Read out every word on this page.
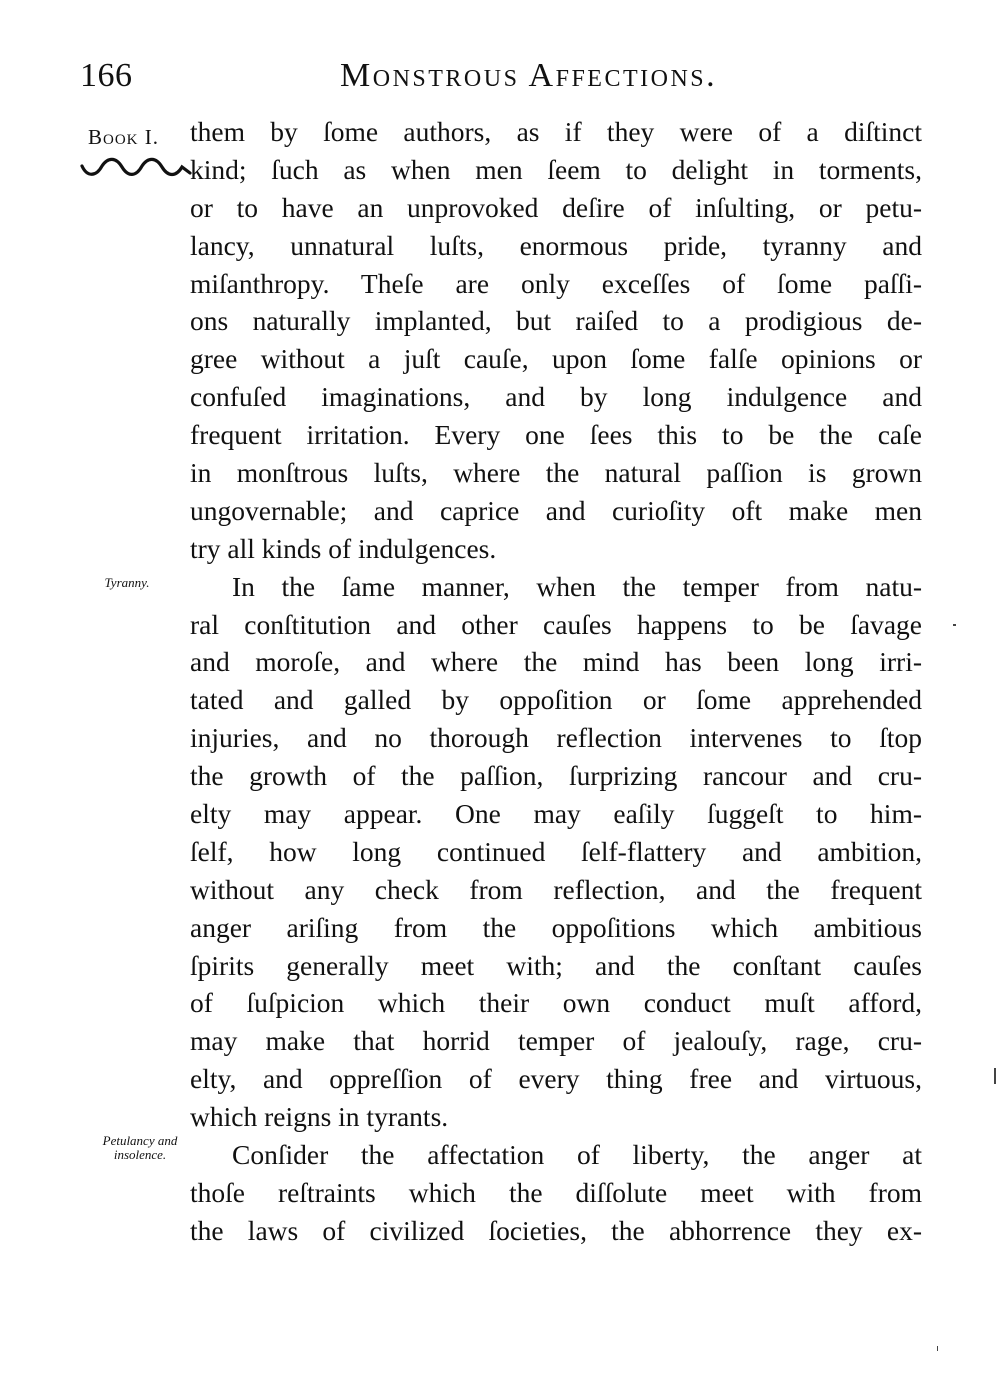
166	Monstrous Affections.
Book I.
Tyranny.
Petulancy and
insolence.
them by ſome authors, as if they were of a diſtinct
kind; ſuch as when men ſeem to delight in torments,
or to have an unprovoked deſire of inſulting, or petu-
lancy, unnatural luſts, enormous pride, tyranny and
miſanthropy. Theſe are only exceſſes of ſome paſſi-
ons naturally implanted, but raiſed to a prodigious de-
gree without a juſt cauſe, upon ſome falſe opinions or
confuſed imaginations, and by long indulgence and
frequent irritation. Every one ſees this to be the caſe
in monſtrous luſts, where the natural paſſion is grown
ungovernable; and caprice and curioſity oft make men
try all kinds of indulgences.
In the ſame manner, when the temper from natu-
ral conſtitution and other cauſes happens to be ſavage
and moroſe, and where the mind has been long irri-
tated and galled by oppoſition or ſome apprehended
injuries, and no thorough reflection intervenes to ſtop
the growth of the paſſion, ſurprizing rancour and cru-
elty may appear. One may eaſily ſuggeſt to him-
ſelf, how long continued ſelf-flattery and ambition,
without any check from reflection, and the frequent
anger ariſing from the oppoſitions which ambitious
ſpirits generally meet with; and the conſtant cauſes
of ſuſpicion which their own conduct muſt afford,
may make that horrid temper of jealouſy, rage, cru-
elty, and oppreſſion of every thing free and virtuous,
which reigns in tyrants.
Conſider the affectation of liberty, the anger at
thoſe reſtraints which the diſſolute meet with from
the laws of civilized ſocieties, the abhorrence they ex-
